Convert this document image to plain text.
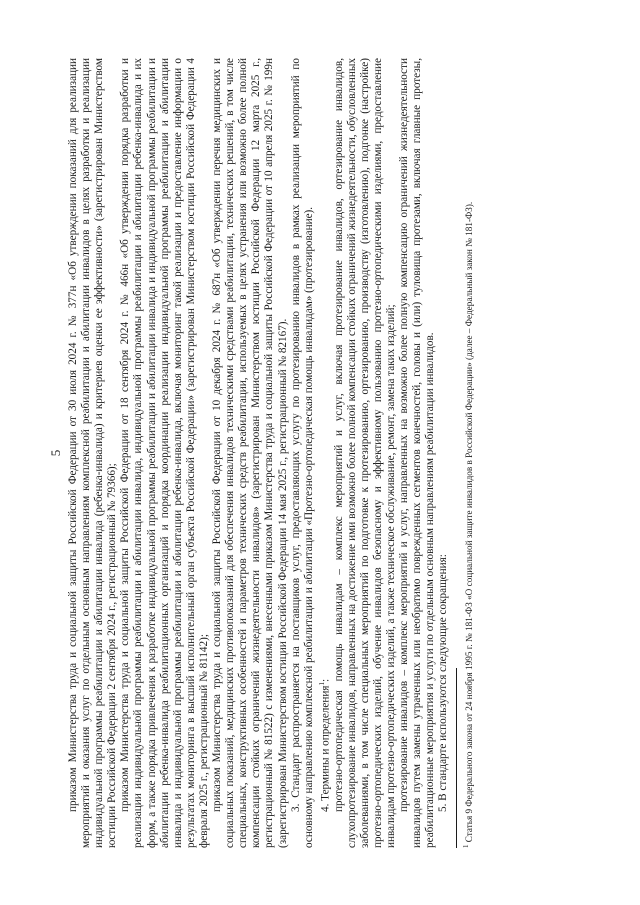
5 приказом Министерства труда и социальной защиты Российской Федерации от 30 июля 2024 г. № 377н «Об утверждении показаний для реализации мероприятий и оказания услуг по отдельным основным направлениям комплексной реабилитации и абилитации инвалидов в целях разработки и реализации индивидуальной программы реабилитации и абилитации инвалида (ребенка-инвалида) и критериев оценки ее эффективности» (зарегистрирован Министерством юстиции Российской Федерации 2 сентября 2024 г., регистрационный № 79366); приказом Министерства труда и социальной защиты Российской Федерации от 18 сентября 2024 г. № 466н «Об утверждении порядка разработки и реализации индивидуальной программы реабилитации и абилитации инвалида, индивидуальной программы реабилитации и абилитации ребенка-инвалида и их форм, а также порядка привлечения к разработке индивидуальной программы реабилитации и абилитации инвалида и индивидуальной программы реабилитации и абилитации ребенка-инвалида реабилитационных организаций и порядка координации реализации индивидуальной программы реабилитации и абилитации инвалида и индивидуальной программы реабилитации и абилитации ребенка-инвалида, включая мониторинг такой реализации и предоставление информации о результатах мониторинга в высший исполнительный орган субъекта Российской Федерации» (зарегистрирован Министерством юстиции Российской Федерации 4 февраля 2025 г., регистрационный № 81142); приказом Министерства труда и социальной защиты Российской Федерации от 10 декабря 2024 г. № 687н «Об утверждении перечня медицинских и социальных показаний, медицинских противопоказаний для обеспечения инвалидов техническими средствами реабилитации, технических решений, в том числе специальных, конструктивных особенностей и параметров технических средств реабилитации, используемых в целях устранения или возможно более полной компенсации стойких ограничений жизнедеятельности инвалидов» (зарегистрирован Министерством юстиции Российской Федерации 12 марта 2025 г., регистрационный № 81522) с изменениями, внесенными приказом Министерства труда и социальной защиты Российской Федерации от 10 апреля 2025 г. № 199н (зарегистрирован Министерством юстиции Российской Федерации 14 мая 2025 г., регистрационный № 82167). 3. Стандарт распространяется на поставщиков услуг, предоставляющих услугу по протезированию инвалидов в рамках реализации мероприятий по основному направлению комплексной реабилитации и абилитации «Протезно-ортопедическая помощь инвалидам» (протезирование). 4. Термины и определения$^1$: протезно-ортопедическая помощь инвалидам – комплекс мероприятий и услуг, включая протезирование инвалидов, ортезирование инвалидов, слухопротезирование инвалидов, направленных на достижение ими возможно более полной компенсации стойких ограничений жизнедеятельности, обусловленных заболеваниями, в том числе специальных мероприятий по подготовке к протезированию, ортезированию, производству (изготовлению), подгонке (настройке) протезно-ортопедических изделий, обучение инвалидов безопасному и эффективному пользованию протезно-ортопедическими изделиями, предоставление инвалидам протезно-ортопедических изделий, а также техническое обслуживание, ремонт, замена таких изделий; протезирование инвалидов – комплекс мероприятий и услуг, направленных на возможно более полную компенсацию ограничений жизнедеятельности инвалидов путем замены утраченных или необратимо поврежденных сегментов конечностей, головы и (или) туловища протезами, включая главные протезы, реабилитационные мероприятия и услуги по отдельным основным направлениям реабилитации инвалидов. 5. В стандарте используются следующие сокращения:

$^1$ Статья 9 Федерального закона от 24 ноября 1995 г. № 181-ФЗ «О социальной защите инвалидов в Российской Федерации» (далее – Федеральный закон № 181-ФЗ).
